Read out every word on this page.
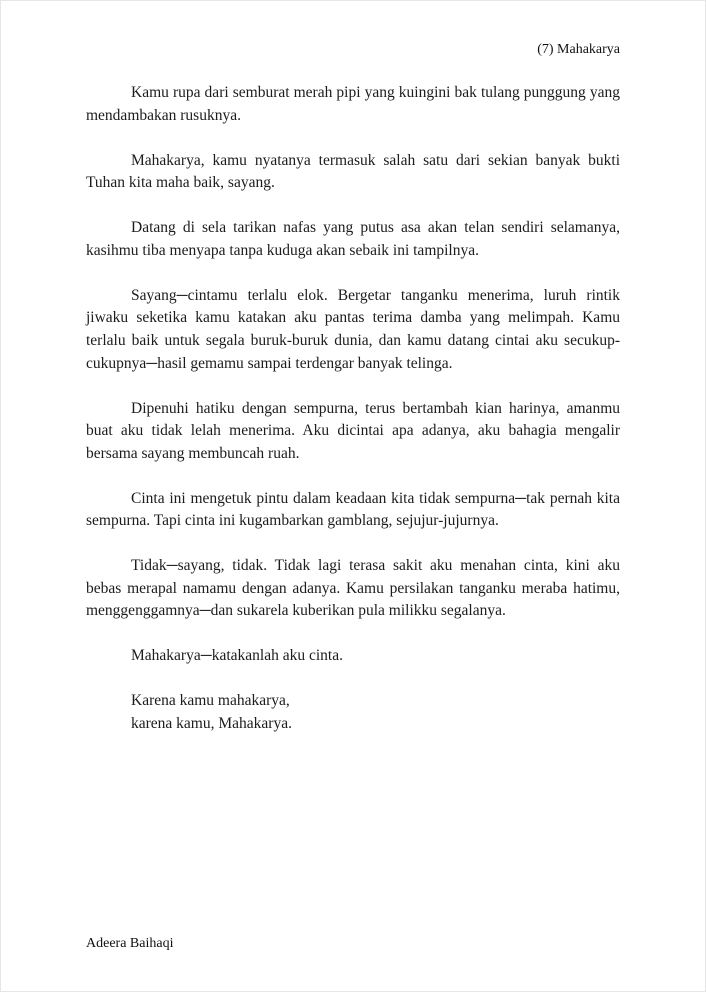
(7) Mahakarya

Kamu rupa dari semburat merah pipi yang kuingini bak tulang punggung yang mendambakan rusuknya.

Mahakarya, kamu nyatanya termasuk salah satu dari sekian banyak bukti Tuhan kita maha baik, sayang.

Datang di sela tarikan nafas yang putus asa akan telan sendiri selamanya, kasihmu tiba menyapa tanpa kuduga akan sebaik ini tampilnya.

Sayang─cintamu terlalu elok. Bergetar tanganku menerima, luruh rintik jiwaku seketika kamu katakan aku pantas terima damba yang melimpah. Kamu terlalu baik untuk segala buruk-buruk dunia, dan kamu datang cintai aku secukup-cukupnya─hasil gemamu sampai terdengar banyak telinga.

Dipenuhi hatiku dengan sempurna, terus bertambah kian harinya, amanmu buat aku tidak lelah menerima. Aku dicintai apa adanya, aku bahagia mengalir bersama sayang membuncah ruah.

Cinta ini mengetuk pintu dalam keadaan kita tidak sempurna─tak pernah kita sempurna. Tapi cinta ini kugambarkan gamblang, sejujur-jujurnya.

Tidak─sayang, tidak. Tidak lagi terasa sakit aku menahan cinta, kini aku bebas merapal namamu dengan adanya. Kamu persilakan tanganku meraba hatimu, menggenggamnya─dan sukarela kuberikan pula milikku segalanya.

Mahakarya─katakanlah aku cinta.

Karena kamu mahakarya,
karena kamu, Mahakarya.

Adeera Baihaqi
